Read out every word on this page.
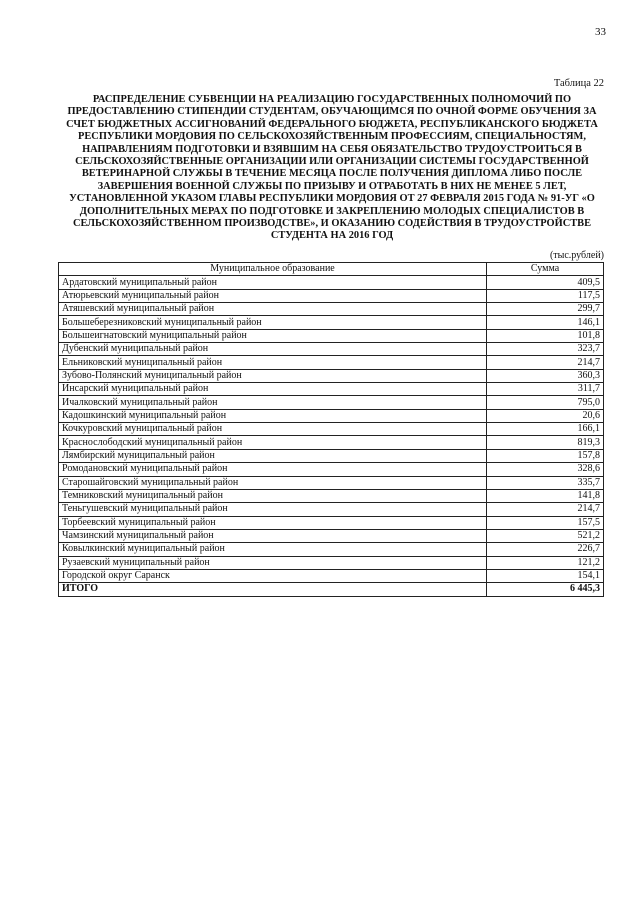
33
Таблица 22
РАСПРЕДЕЛЕНИЕ СУБВЕНЦИИ НА РЕАЛИЗАЦИЮ ГОСУДАРСТВЕННЫХ ПОЛНОМОЧИЙ ПО ПРЕДОСТАВЛЕНИЮ СТИПЕНДИИ СТУДЕНТАМ, ОБУЧАЮЩИМСЯ ПО ОЧНОЙ ФОРМЕ ОБУЧЕНИЯ ЗА СЧЕТ БЮДЖЕТНЫХ АССИГНОВАНИЙ ФЕДЕРАЛЬНОГО БЮДЖЕТА, РЕСПУБЛИКАНСКОГО БЮДЖЕТА РЕСПУБЛИКИ МОРДОВИЯ ПО СЕЛЬСКОХОЗЯЙСТВЕННЫМ ПРОФЕССИЯМ, СПЕЦИАЛЬНОСТЯМ, НАПРАВЛЕНИЯМ ПОДГОТОВКИ И ВЗЯВШИМ НА СЕБЯ ОБЯЗАТЕЛЬСТВО ТРУДОУСТРОИТЬСЯ В СЕЛЬСКОХОЗЯЙСТВЕННЫЕ ОРГАНИЗАЦИИ ИЛИ ОРГАНИЗАЦИИ СИСТЕМЫ ГОСУДАРСТВЕННОЙ ВЕТЕРИНАРНОЙ СЛУЖБЫ В ТЕЧЕНИЕ МЕСЯЦА ПОСЛЕ ПОЛУЧЕНИЯ ДИПЛОМА ЛИБО ПОСЛЕ ЗАВЕРШЕНИЯ ВОЕННОЙ СЛУЖБЫ ПО ПРИЗЫВУ И ОТРАБОТАТЬ В НИХ НЕ МЕНЕЕ 5 ЛЕТ, УСТАНОВЛЕННОЙ УКАЗОМ ГЛАВЫ РЕСПУБЛИКИ МОРДОВИЯ ОТ 27 ФЕВРАЛЯ 2015 ГОДА № 91-УГ «О ДОПОЛНИТЕЛЬНЫХ МЕРАХ ПО ПОДГОТОВКЕ И ЗАКРЕПЛЕНИЮ МОЛОДЫХ СПЕЦИАЛИСТОВ В СЕЛЬСКОХОЗЯЙСТВЕННОМ ПРОИЗВОДСТВЕ», И ОКАЗАНИЮ СОДЕЙСТВИЯ В ТРУДОУСТРОЙСТВЕ СТУДЕНТА НА 2016 ГОД
(тыс.рублей)
Муниципальное образование	Сумма
Ардатовский муниципальный район	409,5
Атюрьевский муниципальный район	117,5
Атяшевский муниципальный район	299,7
Большеберезниковский муниципальный район	146,1
Большеигнатовский муниципальный район	101,8
Дубенский муниципальный район	323,7
Ельниковский муниципальный район	214,7
Зубово-Полянский муниципальный район	360,3
Инсарский муниципальный район	311,7
Ичалковский муниципальный район	795,0
Кадошкинский муниципальный район	20,6
Кочкуровский муниципальный район	166,1
Краснослободский муниципальный район	819,3
Лямбирский муниципальный район	157,8
Ромодановский муниципальный район	328,6
Старошайговский муниципальный район	335,7
Темниковский муниципальный район	141,8
Теньгушевский муниципальный район	214,7
Торбеевский муниципальный район	157,5
Чамзинский муниципальный район	521,2
Ковылкинский муниципальный район	226,7
Рузаевский муниципальный район	121,2
Городской округ Саранск	154,1
ИТОГО	6 445,3
